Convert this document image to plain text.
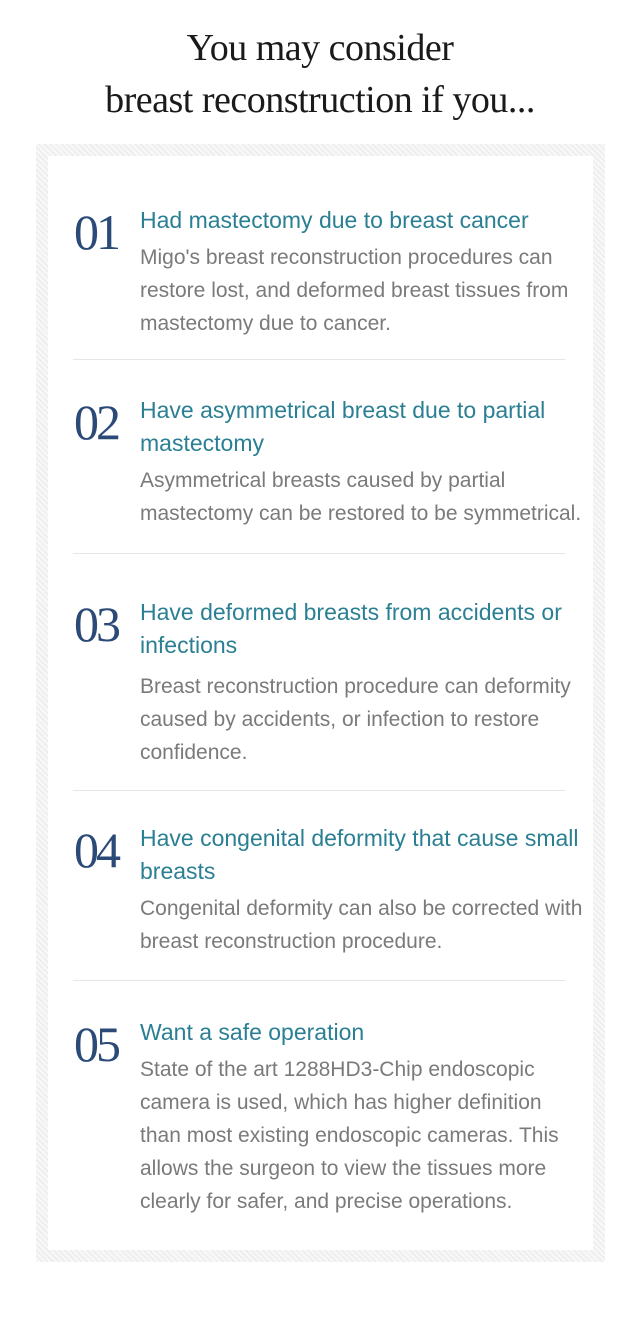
You may consider
breast reconstruction if you...
01 Had mastectomy due to breast cancer

Migo's breast reconstruction procedures can restore lost, and deformed breast tissues from mastectomy due to cancer.

02 Have asymmetrical breast due to partial mastectomy

Asymmetrical breasts caused by partial mastectomy can be restored to be symmetrical.

03 Have deformed breasts from accidents or infections

Breast reconstruction procedure can deformity caused by accidents, or infection to restore confidence.

04 Have congenital deformity that cause small breasts

Congenital deformity can also be corrected with breast reconstruction procedure.

05 Want a safe operation

State of the art 1288HD3-Chip endoscopic camera is used, which has higher definition than most existing endoscopic cameras. This allows the surgeon to view the tissues more clearly for safer, and precise operations.
